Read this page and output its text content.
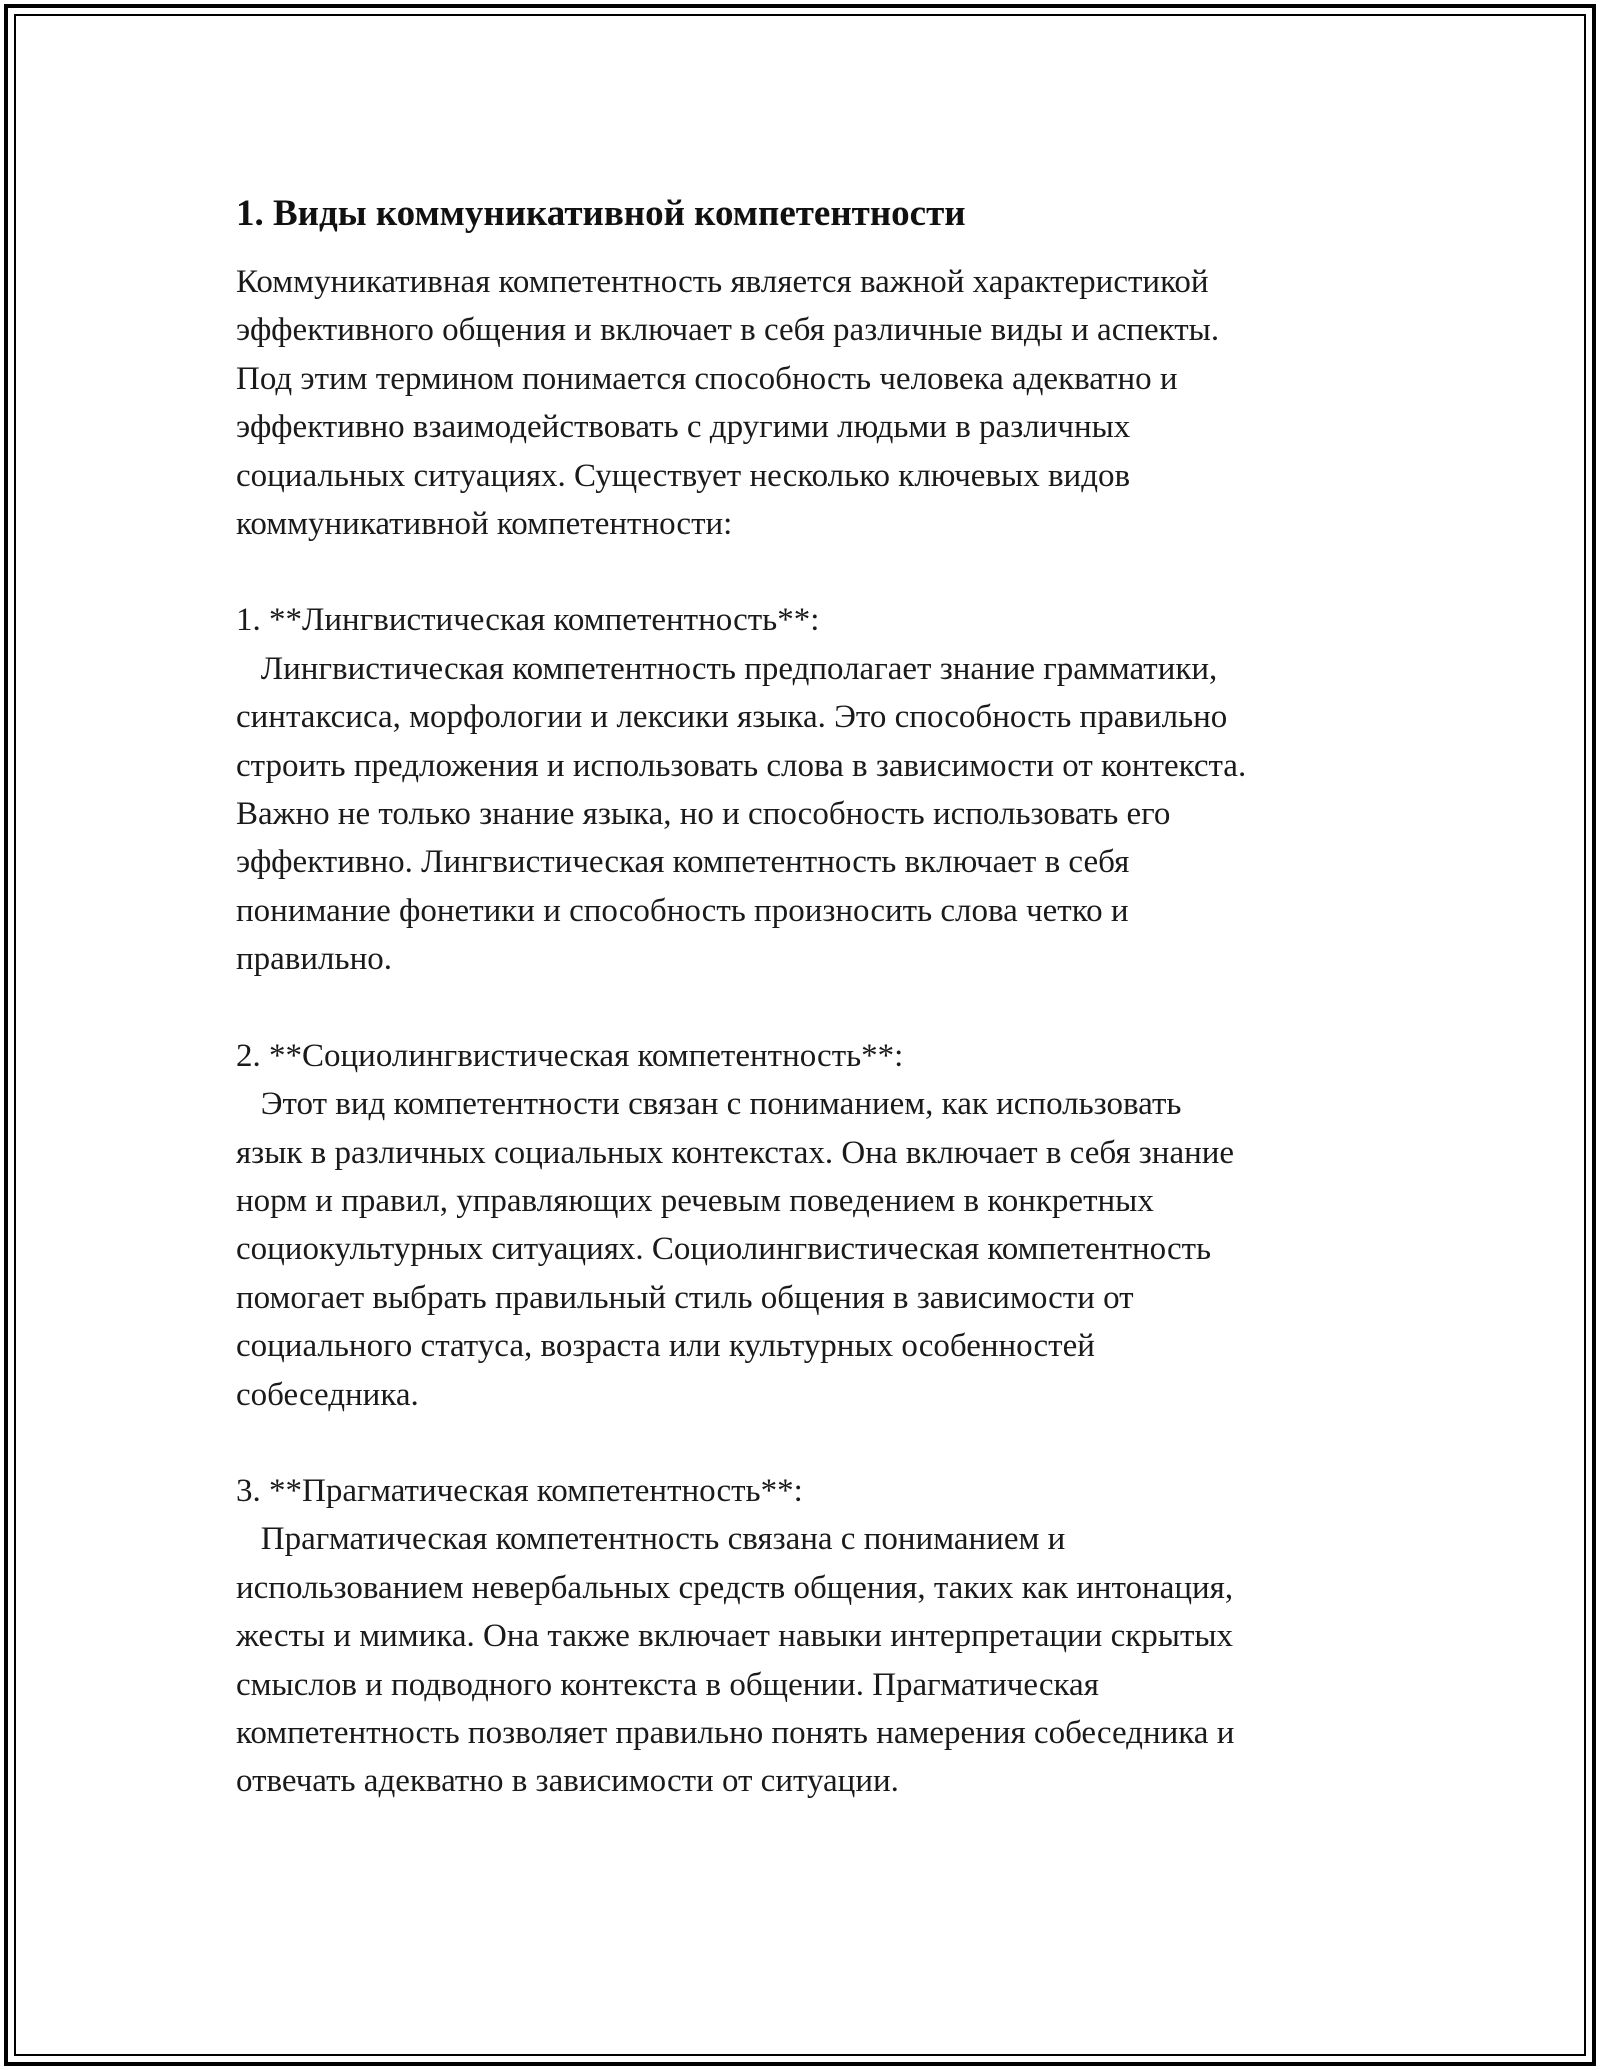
1. Виды коммуникативной компетентности

Коммуникативная компетентность является важной характеристикой
эффективного общения и включает в себя различные виды и аспекты.
Под этим термином понимается способность человека адекватно и
эффективно взаимодействовать с другими людьми в различных
социальных ситуациях. Существует несколько ключевых видов
коммуникативной компетентности:

1. **Лингвистическая компетентность**:
Лингвистическая компетентность предполагает знание грамматики,
синтаксиса, морфологии и лексики языка. Это способность правильно
строить предложения и использовать слова в зависимости от контекста.
Важно не только знание языка, но и способность использовать его
эффективно. Лингвистическая компетентность включает в себя
понимание фонетики и способность произносить слова четко и
правильно.

2. **Социолингвистическая компетентность**:
Этот вид компетентности связан с пониманием, как использовать
язык в различных социальных контекстах. Она включает в себя знание
норм и правил, управляющих речевым поведением в конкретных
социокультурных ситуациях. Социолингвистическая компетентность
помогает выбрать правильный стиль общения в зависимости от
социального статуса, возраста или культурных особенностей
собеседника.

3. **Прагматическая компетентность**:
Прагматическая компетентность связана с пониманием и
использованием невербальных средств общения, таких как интонация,
жесты и мимика. Она также включает навыки интерпретации скрытых
смыслов и подводного контекста в общении. Прагматическая
компетентность позволяет правильно понять намерения собеседника и
отвечать адекватно в зависимости от ситуации.
